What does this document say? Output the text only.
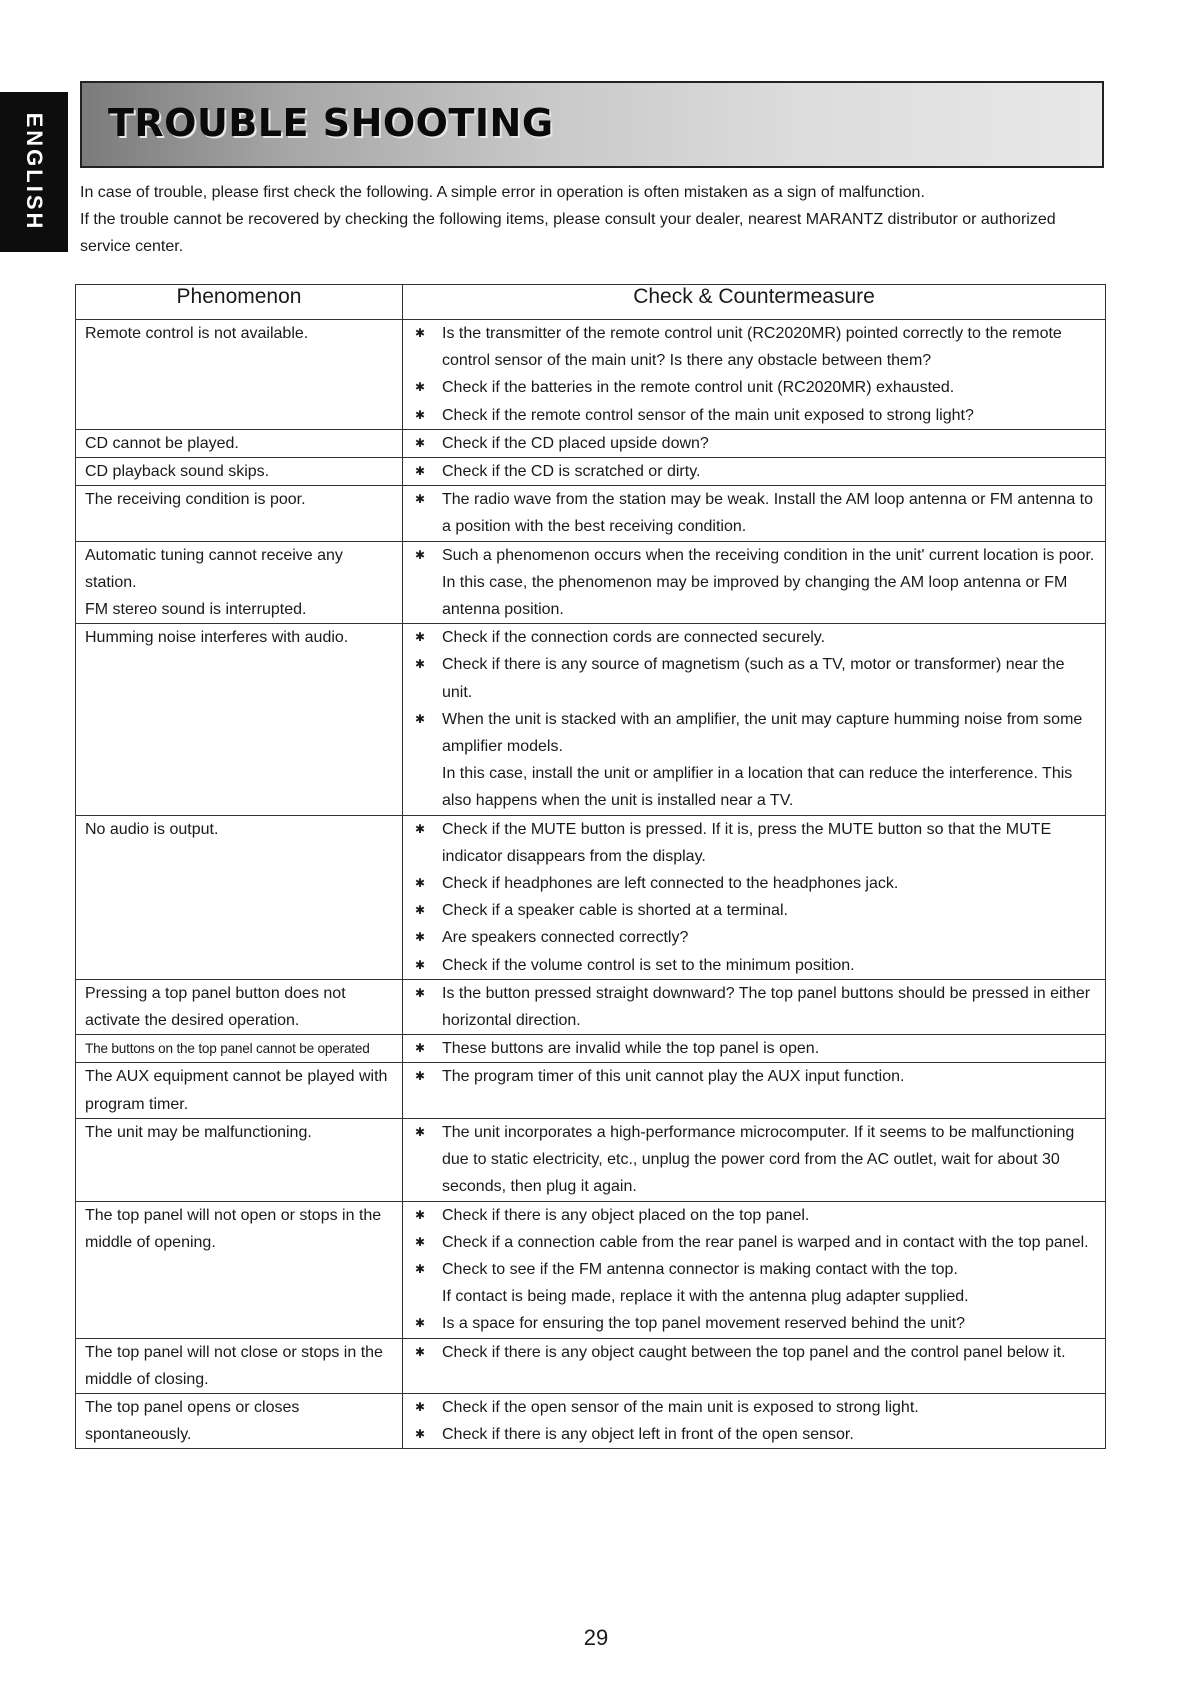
ENGLISH TROUBLE SHOOTING

In case of trouble, please first check the following. A simple error in operation is often mistaken as a sign of malfunction.

If the trouble cannot be recovered by checking the following items, please consult your dealer, nearest MARANTZ distributor or authorized service center.

Phenomenon	Check & Countermeasure

Remote control is not available.	✱ Is the transmitter of the remote control unit (RC2020MR) pointed correctly to the remote control sensor of the main unit? Is there any obstacle between them?
✱ Check if the batteries in the remote control unit (RC2020MR) exhausted.
✱ Check if the remote control sensor of the main unit exposed to strong light?

CD cannot be played.	✱ Check if the CD placed upside down?

CD playback sound skips.	✱ Check if the CD is scratched or dirty.

The receiving condition is poor.	✱ The radio wave from the station may be weak. Install the AM loop antenna or FM antenna to a position with the best receiving condition.

Automatic tuning cannot receive any station.
FM stereo sound is interrupted.	✱ Such a phenomenon occurs when the receiving condition in the unit' current location is poor. In this case, the phenomenon may be improved by changing the AM loop antenna or FM antenna position.

Humming noise interferes with audio.	✱ Check if the connection cords are connected securely.
✱ Check if there is any source of magnetism (such as a TV, motor or transformer) near the unit.
✱ When the unit is stacked with an amplifier, the unit may capture humming noise from some amplifier models.
In this case, install the unit or amplifier in a location that can reduce the interference. This also happens when the unit is installed near a TV.

No audio is output.	✱ Check if the MUTE button is pressed. If it is, press the MUTE button so that the MUTE indicator disappears from the display.
✱ Check if headphones are left connected to the headphones jack.
✱ Check if a speaker cable is shorted at a terminal.
✱ Are speakers connected correctly?
✱ Check if the volume control is set to the minimum position.

Pressing a top panel button does not activate the desired operation.	✱ Is the button pressed straight downward? The top panel buttons should be pressed in either horizontal direction.

The buttons on the top panel cannot be operated	✱ These buttons are invalid while the top panel is open.

The AUX equipment cannot be played with program timer.	✱ The program timer of this unit cannot play the AUX input function.

The unit may be malfunctioning.	✱ The unit incorporates a high-performance microcomputer. If it seems to be malfunctioning due to static electricity, etc., unplug the power cord from the AC outlet, wait for about 30 seconds, then plug it again.

The top panel will not open or stops in the middle of opening.	✱ Check if there is any object placed on the top panel.
✱ Check if a connection cable from the rear panel is warped and in contact with the top panel.
✱ Check to see if the FM antenna connector is making contact with the top.
If contact is being made, replace it with the antenna plug adapter supplied.
✱ Is a space for ensuring the top panel movement reserved behind the unit?

The top panel will not close or stops in the middle of closing.	✱ Check if there is any object caught between the top panel and the control panel below it.

The top panel opens or closes spontaneously.	✱ Check if the open sensor of the main unit is exposed to strong light.
✱ Check if there is any object left in front of the open sensor.
29
